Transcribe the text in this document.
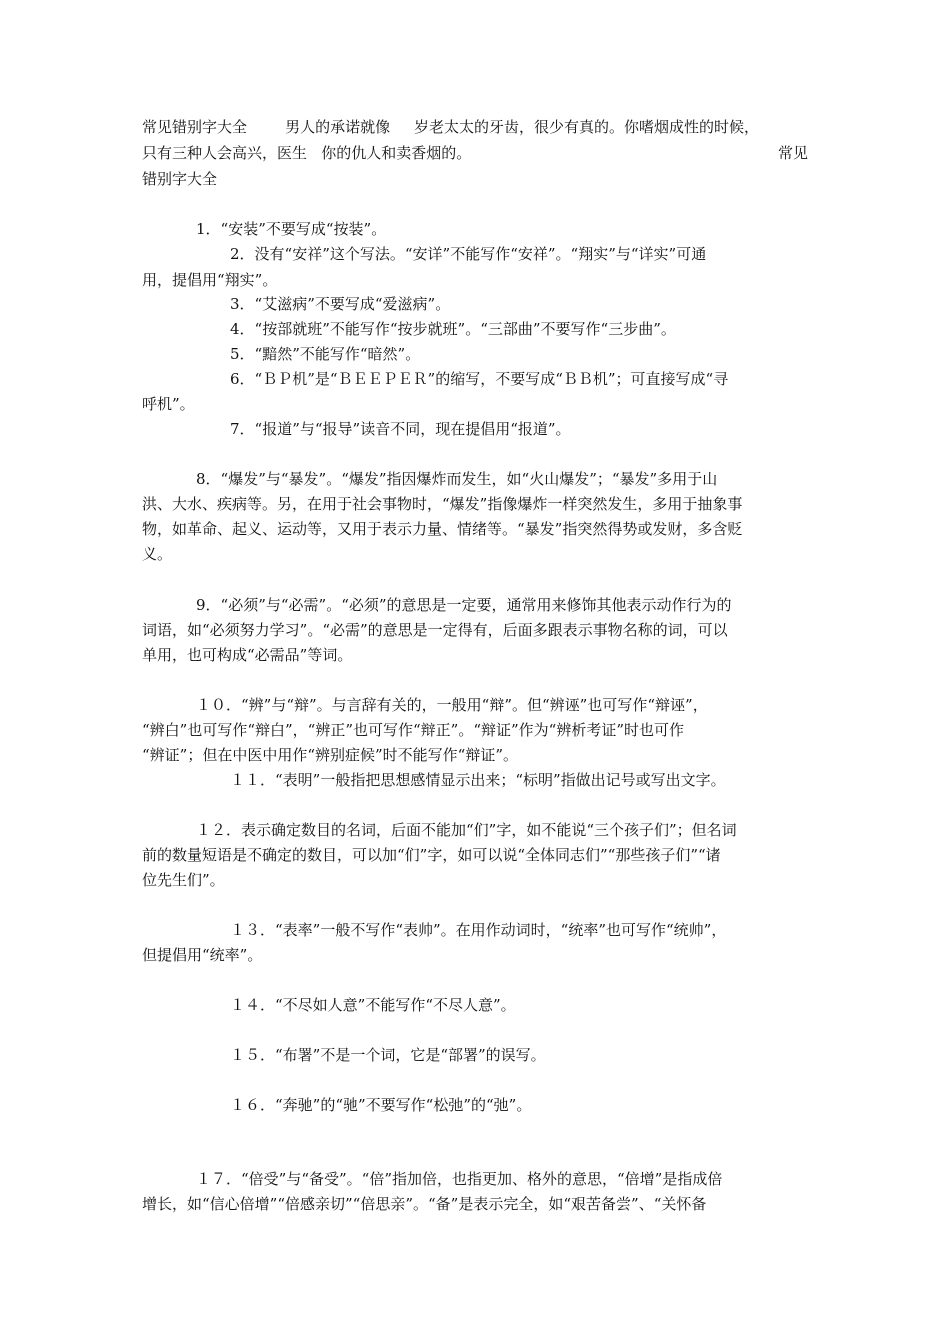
常见错别字大全        男人的承诺就像     岁老太太的牙齿，很少有真的。你嗜烟成性的时候，
只有三种人会高兴，医生   你的仇人和卖香烟的。	常见
错别字大全
1．“安装”不要写成“按装”。
2．没有“安祥”这个写法。“安详”不能写作“安祥”。“翔实”与“详实”可通
用，提倡用“翔实”。
3．“艾滋病”不要写成“爱滋病”。
4．“按部就班”不能写作“按步就班”。“三部曲”不要写作“三步曲”。
5．“黯然”不能写作“暗然”。
6．“ＢＰ机”是“ＢＥＥＰＥＲ”的缩写，不要写成“ＢＢ机”；可直接写成“寻
呼机”。
7．“报道”与“报导”读音不同，现在提倡用“报道”。
8．“爆发”与“暴发”。“爆发”指因爆炸而发生，如“火山爆发”；“暴发”多用于山
洪、大水、疾病等。另，在用于社会事物时，“爆发”指像爆炸一样突然发生，多用于抽象事
物，如革命、起义、运动等，又用于表示力量、情绪等。“暴发”指突然得势或发财，多含贬
义。
9．“必须”与“必需”。“必须”的意思是一定要，通常用来修饰其他表示动作行为的
词语，如“必须努力学习”。“必需”的意思是一定得有，后面多跟表示事物名称的词，可以
单用，也可构成“必需品”等词。
１０．“辨”与“辩”。与言辞有关的，一般用“辩”。但“辨诬”也可写作“辩诬”，
“辨白”也可写作“辩白”，“辨正”也可写作“辩正”。“辩证”作为“辨析考证”时也可作
“辨证”；但在中医中用作“辨别症候”时不能写作“辩证”。
１１．“表明”一般指把思想感情显示出来；“标明”指做出记号或写出文字。
１２．表示确定数目的名词，后面不能加“们”字，如不能说“三个孩子们”；但名词
前的数量短语是不确定的数目，可以加“们”字，如可以说“全体同志们”“那些孩子们”“诸
位先生们”。
１３．“表率”一般不写作“表帅”。在用作动词时，“统率”也可写作“统帅”，
但提倡用“统率”。
１４．“不尽如人意”不能写作“不尽人意”。
１５．“布署”不是一个词，它是“部署”的误写。
１６．“奔驰”的“驰”不要写作“松弛”的“弛”。
１７．“倍受”与“备受”。“倍”指加倍，也指更加、格外的意思，“倍增”是指成倍
增长，如“信心倍增”“倍感亲切”“倍思亲”。“备”是表示完全，如“艰苦备尝”、“关怀备
